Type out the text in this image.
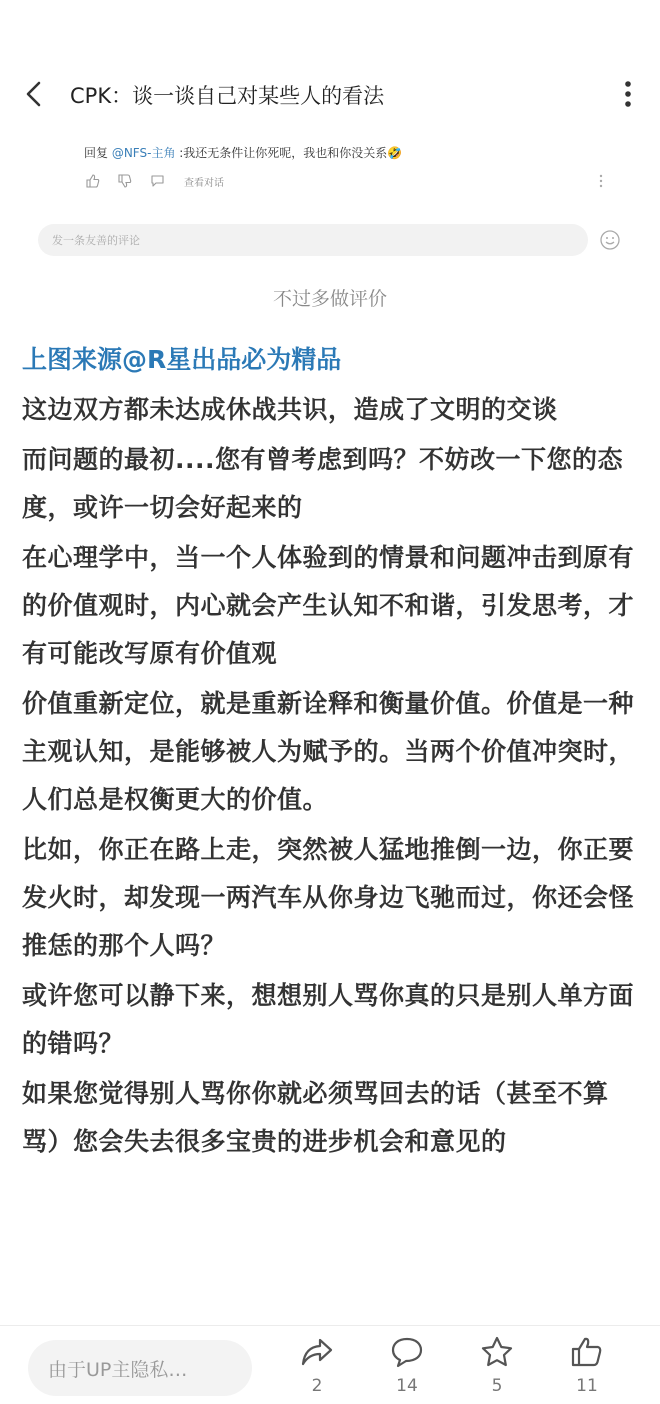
CPK：谈一谈自己对某些人的看法
回复 @NFS-主角 :我还无条件让你死呢，我也和你没关系🤣
查看对话
发一条友善的评论
不过多做评价
上图来源@R星出品必为精品

这边双方都未达成休战共识，造成了文明的交谈

而问题的最初....您有曾考虑到吗？不妨改一下您的态度，或许一切会好起来的

在心理学中，当一个人体验到的情景和问题冲击到原有的价值观时，内心就会产生认知不和谐，引发思考，才有可能改写原有价值观

价值重新定位，就是重新诠释和衡量价值。价值是一种主观认知，是能够被人为赋予的。当两个价值冲突时，人们总是权衡更大的价值。

比如，你正在路上走，突然被人猛地推倒一边，你正要发火时，却发现一两汽车从你身边飞驰而过，你还会怪推恁的那个人吗？

或许您可以静下来，想想别人骂你真的只是别人单方面的错吗？

如果您觉得别人骂你你就必须骂回去的话（甚至不算骂）您会失去很多宝贵的进步机会和意见的

由于UP主隐私…
2	14	5	11
